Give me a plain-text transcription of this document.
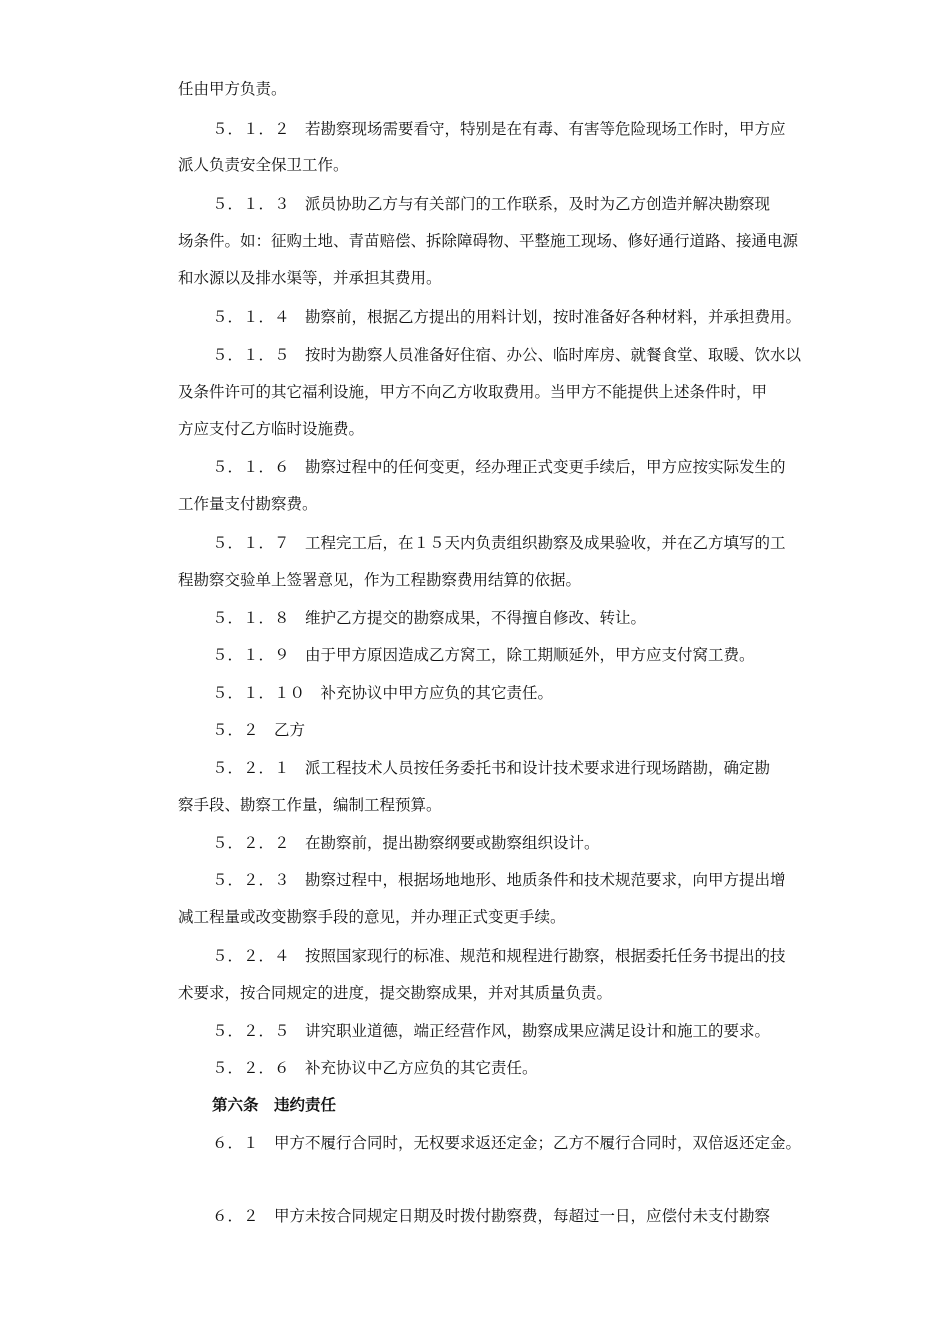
任由甲方负责。
５．１．２　若勘察现场需要看守，特别是在有毒、有害等危险现场工作时，甲方应
派人负责安全保卫工作。
５．１．３　派员协助乙方与有关部门的工作联系，及时为乙方创造并解决勘察现
场条件。如：征购土地、青苗赔偿、拆除障碍物、平整施工现场、修好通行道路、接通电源
和水源以及排水渠等，并承担其费用。
５．１．４　勘察前，根据乙方提出的用料计划，按时准备好各种材料，并承担费用。
５．１．５　按时为勘察人员准备好住宿、办公、临时库房、就餐食堂、取暖、饮水以
及条件许可的其它福利设施，甲方不向乙方收取费用。当甲方不能提供上述条件时，甲
方应支付乙方临时设施费。
５．１．６　勘察过程中的任何变更，经办理正式变更手续后，甲方应按实际发生的
工作量支付勘察费。
５．１．７　工程完工后，在１５天内负责组织勘察及成果验收，并在乙方填写的工
程勘察交验单上签署意见，作为工程勘察费用结算的依据。
５．１．８　维护乙方提交的勘察成果，不得擅自修改、转让。
５．１．９　由于甲方原因造成乙方窝工，除工期顺延外，甲方应支付窝工费。
５．１．１０　补充协议中甲方应负的其它责任。
５．２　乙方
５．２．１　派工程技术人员按任务委托书和设计技术要求进行现场踏勘，确定勘
察手段、勘察工作量，编制工程预算。
５．２．２　在勘察前，提出勘察纲要或勘察组织设计。
５．２．３　勘察过程中，根据场地地形、地质条件和技术规范要求，向甲方提出增
减工程量或改变勘察手段的意见，并办理正式变更手续。
５．２．４　按照国家现行的标准、规范和规程进行勘察，根据委托任务书提出的技
术要求，按合同规定的进度，提交勘察成果，并对其质量负责。
５．２．５　讲究职业道德，端正经营作风，勘察成果应满足设计和施工的要求。
５．２．６　补充协议中乙方应负的其它责任。
第六条　违约责任
６．１　甲方不履行合同时，无权要求返还定金；乙方不履行合同时，双倍返还定金。
６．２　甲方未按合同规定日期及时拨付勘察费，每超过一日，应偿付未支付勘察
